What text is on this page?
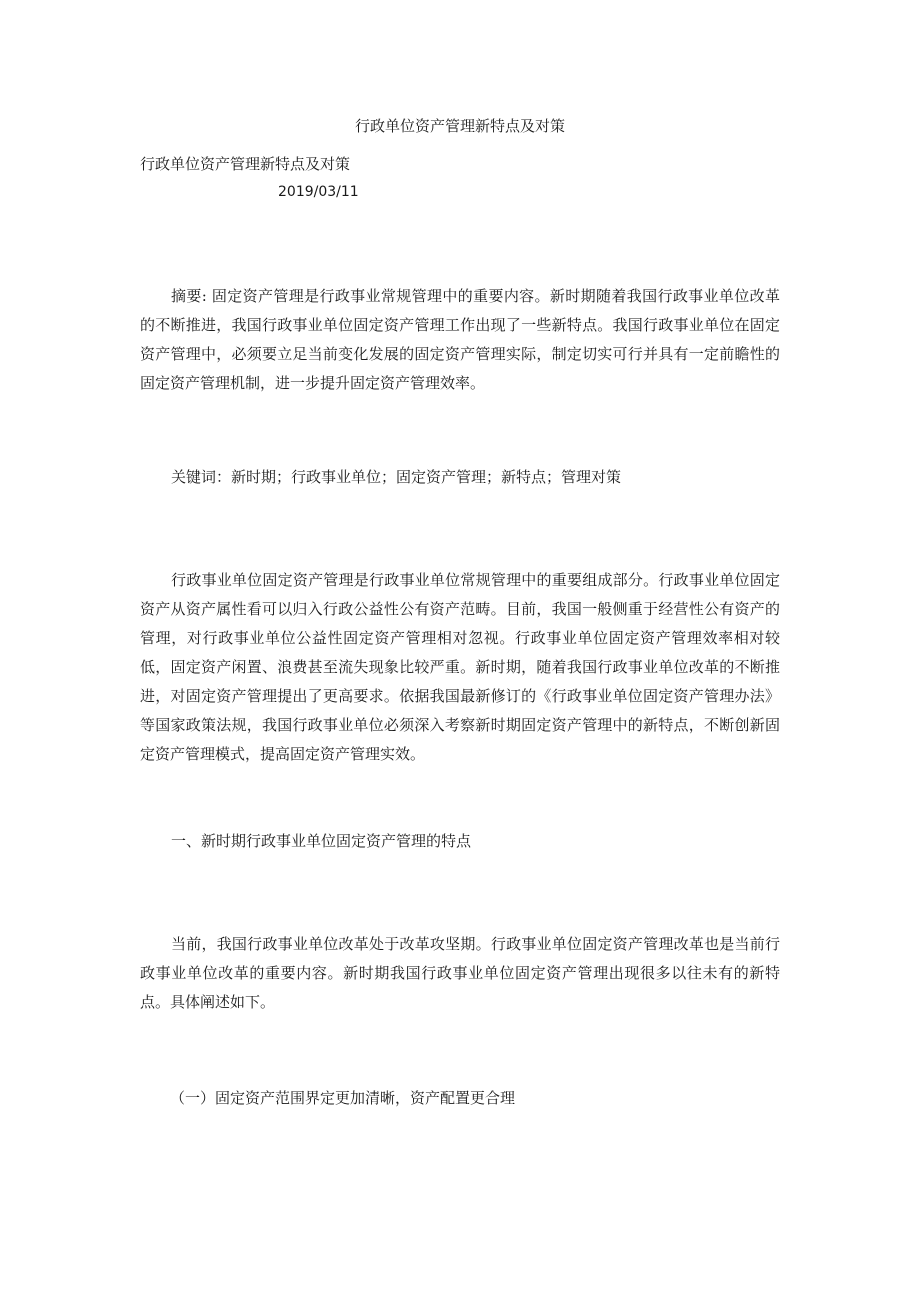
行政单位资产管理新特点及对策
行政单位资产管理新特点及对策
2019/03/11

摘要: 固定资产管理是行政事业常规管理中的重要内容。新时期随着我国行政事业单位改革的不断推进，我国行政事业单位固定资产管理工作出现了一些新特点。我国行政事业单位在固定资产管理中，必须要立足当前变化发展的固定资产管理实际，制定切实可行并具有一定前瞻性的固定资产管理机制，进一步提升固定资产管理效率。

关键词：新时期；行政事业单位；固定资产管理；新特点；管理对策

行政事业单位固定资产管理是行政事业单位常规管理中的重要组成部分。行政事业单位固定资产从资产属性看可以归入行政公益性公有资产范畴。目前，我国一般侧重于经营性公有资产的管理，对行政事业单位公益性固定资产管理相对忽视。行政事业单位固定资产管理效率相对较低，固定资产闲置、浪费甚至流失现象比较严重。新时期，随着我国行政事业单位改革的不断推进，对固定资产管理提出了更高要求。依据我国最新修订的《行政事业单位固定资产管理办法》等国家政策法规，我国行政事业单位必须深入考察新时期固定资产管理中的新特点，不断创新固定资产管理模式，提高固定资产管理实效。

一、新时期行政事业单位固定资产管理的特点

当前，我国行政事业单位改革处于改革攻坚期。行政事业单位固定资产管理改革也是当前行政事业单位改革的重要内容。新时期我国行政事业单位固定资产管理出现很多以往未有的新特点。具体阐述如下。

（一）固定资产范围界定更加清晰，资产配置更合理
